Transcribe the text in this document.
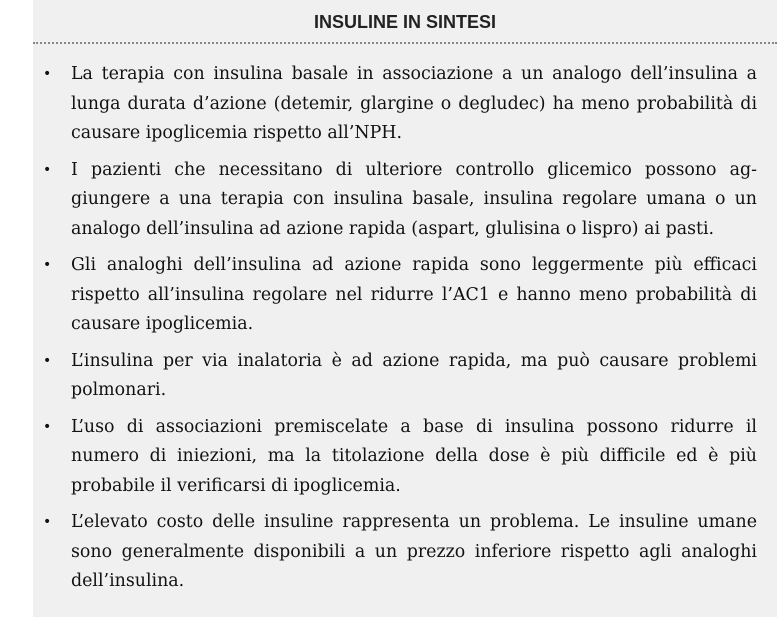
INSULINE IN SINTESI
• La terapia con insulina basale in associazione a un analogo dell’insulina a lunga durata d’azione (detemir, glargine o degludec) ha meno probabilità di causare ipoglicemia rispetto all’NPH.
• I pazienti che necessitano di ulteriore controllo glicemico possono aggiungere a una terapia con insulina basale, insulina regolare umana o un analogo dell’insulina ad azione rapida (aspart, glulisina o lispro) ai pasti.
• Gli analoghi dell’insulina ad azione rapida sono leggermente più efficaci rispetto all’insulina regolare nel ridurre l’AC1 e hanno meno probabilità di causare ipoglicemia.
• L’insulina per via inalatoria è ad azione rapida, ma può causare problemi polmonari.
• L’uso di associazioni premiscelate a base di insulina possono ridurre il numero di iniezioni, ma la titolazione della dose è più difficile ed è più probabile il verificarsi di ipoglicemia.
• L’elevato costo delle insuline rappresenta un problema. Le insuline umane sono generalmente disponibili a un prezzo inferiore rispetto agli analoghi dell’insulina.
